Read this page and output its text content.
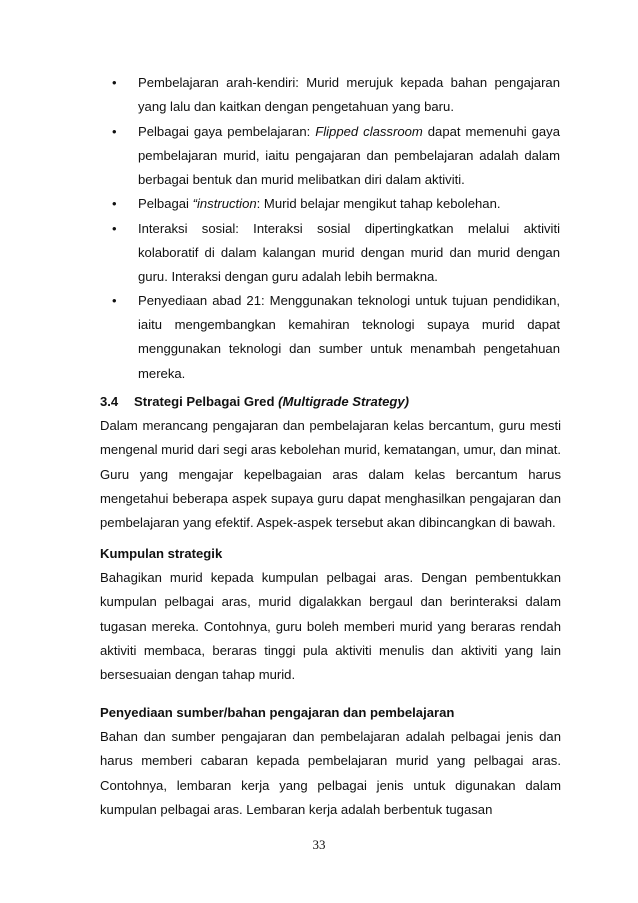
• Pembelajaran arah-kendiri: Murid merujuk kepada bahan pengajaran yang lalu dan kaitkan dengan pengetahuan yang baru.
• Pelbagai gaya pembelajaran: Flipped classroom dapat memenuhi gaya pembelajaran murid, iaitu pengajaran dan pembelajaran adalah dalam berbagai bentuk dan murid melibatkan diri dalam aktiviti.
• Pelbagai “instruction: Murid belajar mengikut tahap kebolehan.
• Interaksi sosial: Interaksi sosial dipertingkatkan melalui aktiviti kolaboratif di dalam kalangan murid dengan murid dan murid dengan guru. Interaksi dengan guru adalah lebih bermakna.
• Penyediaan abad 21: Menggunakan teknologi untuk tujuan pendidikan, iaitu mengembangkan kemahiran teknologi supaya murid dapat menggunakan teknologi dan sumber untuk menambah pengetahuan mereka.
3.4 Strategi Pelbagai Gred (Multigrade Strategy)
Dalam merancang pengajaran dan pembelajaran kelas bercantum, guru mesti mengenal murid dari segi aras kebolehan murid, kematangan, umur, dan minat. Guru yang mengajar kepelbagaian aras dalam kelas bercantum harus mengetahui beberapa aspek supaya guru dapat menghasilkan pengajaran dan pembelajaran yang efektif. Aspek-aspek tersebut akan dibincangkan di bawah.
Kumpulan strategik
Bahagikan murid kepada kumpulan pelbagai aras. Dengan pembentukkan kumpulan pelbagai aras, murid digalakkan bergaul dan berinteraksi dalam tugasan mereka. Contohnya, guru boleh memberi murid yang beraras rendah aktiviti membaca, beraras tinggi pula aktiviti menulis dan aktiviti yang lain bersesuaian dengan tahap murid.
Penyediaan sumber/bahan pengajaran dan pembelajaran
Bahan dan sumber pengajaran dan pembelajaran adalah pelbagai jenis dan harus memberi cabaran kepada pembelajaran murid yang pelbagai aras. Contohnya, lembaran kerja yang pelbagai jenis untuk digunakan dalam kumpulan pelbagai aras. Lembaran kerja adalah berbentuk tugasan
33
